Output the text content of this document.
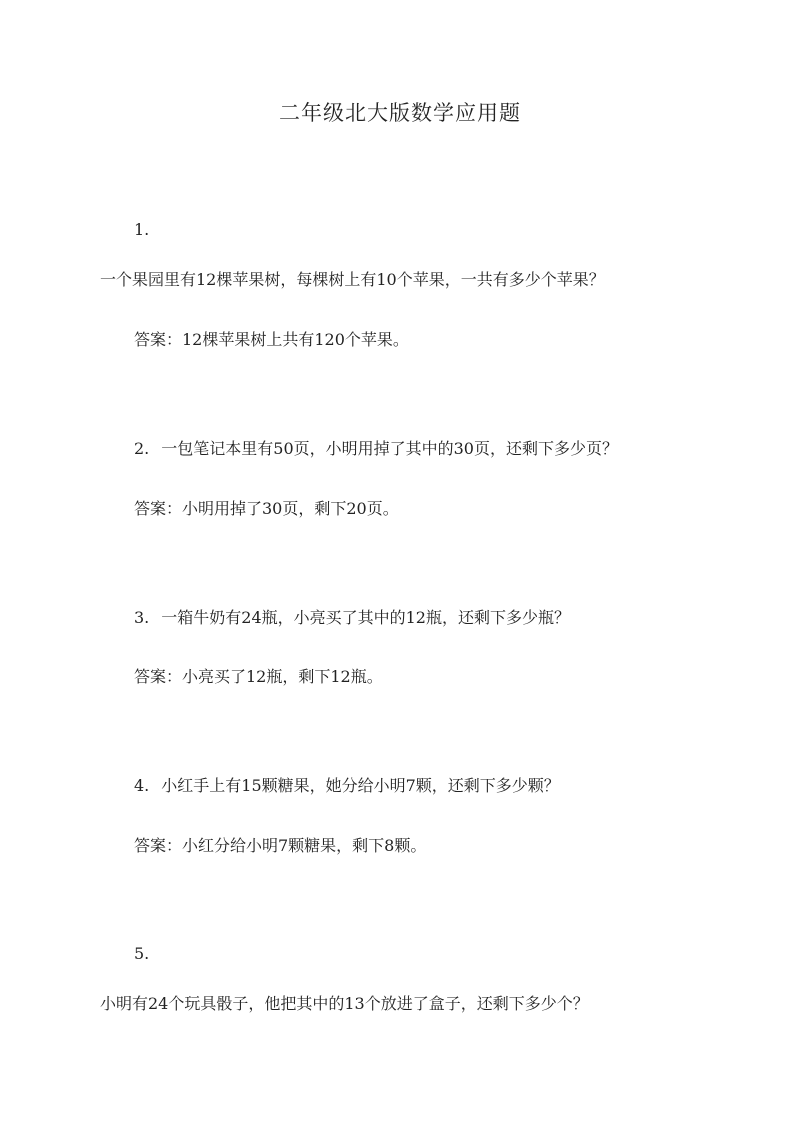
二年级北大版数学应用题
1.
一个果园里有12棵苹果树，每棵树上有10个苹果，一共有多少个苹果？
答案：12棵苹果树上共有120个苹果。
2. 一包笔记本里有50页，小明用掉了其中的30页，还剩下多少页？
答案：小明用掉了30页，剩下20页。
3. 一箱牛奶有24瓶，小亮买了其中的12瓶，还剩下多少瓶？
答案：小亮买了12瓶，剩下12瓶。
4. 小红手上有15颗糖果，她分给小明7颗，还剩下多少颗？
答案：小红分给小明7颗糖果，剩下8颗。
5.
小明有24个玩具骰子，他把其中的13个放进了盒子，还剩下多少个？
